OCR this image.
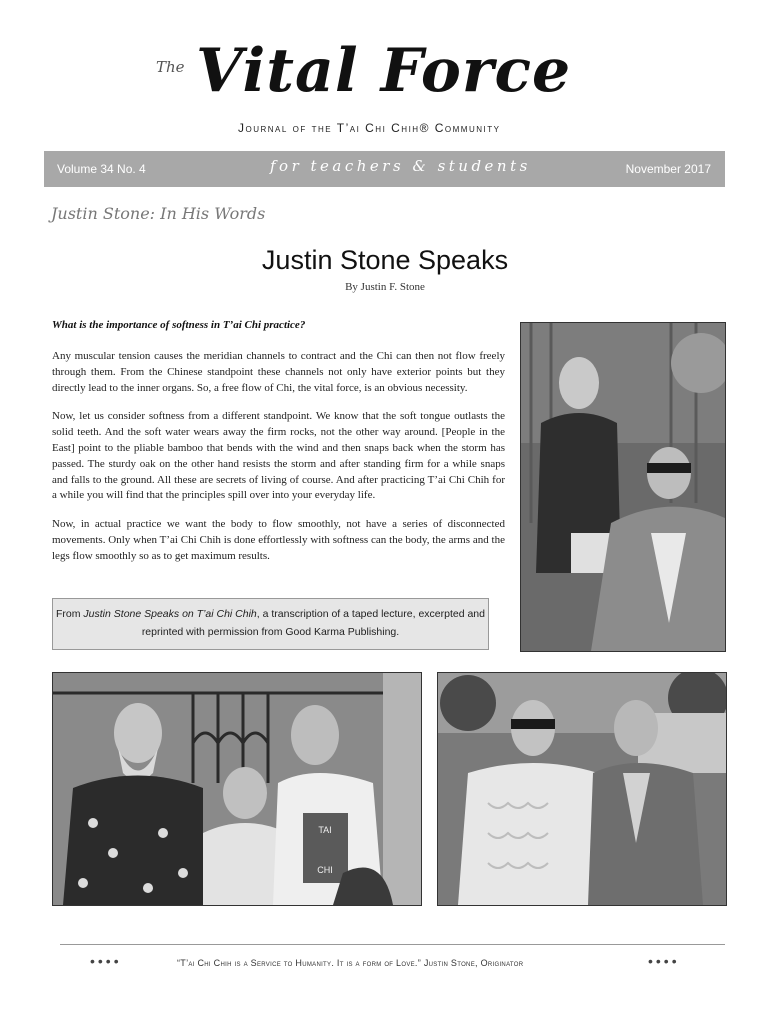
The Vital Force
Journal of the T’ai Chi Chih® Community
Volume 34 No. 4	for teachers & students	November 2017
Justin Stone: In His Words
Justin Stone Speaks
By Justin F. Stone
What is the importance of softness in T’ai Chi practice?

Any muscular tension causes the meridian channels to contract and the Chi can then not flow freely through them. From the Chinese standpoint these channels not only have exterior points but they directly lead to the inner organs. So, a free flow of Chi, the vital force, is an obvious necessity.

Now, let us consider softness from a different standpoint. We know that the soft tongue outlasts the solid teeth. And the soft water wears away the firm rocks, not the other way around. [People in the East] point to the pliable bamboo that bends with the wind and then snaps back when the storm has passed. The sturdy oak on the other hand resists the storm and after standing firm for a while snaps and falls to the ground. All these are secrets of living of course. And after practicing T’ai Chi Chih for a while you will find that the principles spill over into your everyday life.

Now, in actual practice we want the body to flow smoothly, not have a series of disconnected movements. Only when T’ai Chi Chih is done effortlessly with softness can the body, the arms and the legs flow smoothly so as to get maximum results.

From Justin Stone Speaks on T’ai Chi Chih, a transcription of a taped lecture, excerpted and reprinted with permission from Good Karma Publishing.
TAI
CHI
••••	“T’ai Chi Chih is a Service to Humanity. It is a form of Love.” Justin Stone, Originator	••••
